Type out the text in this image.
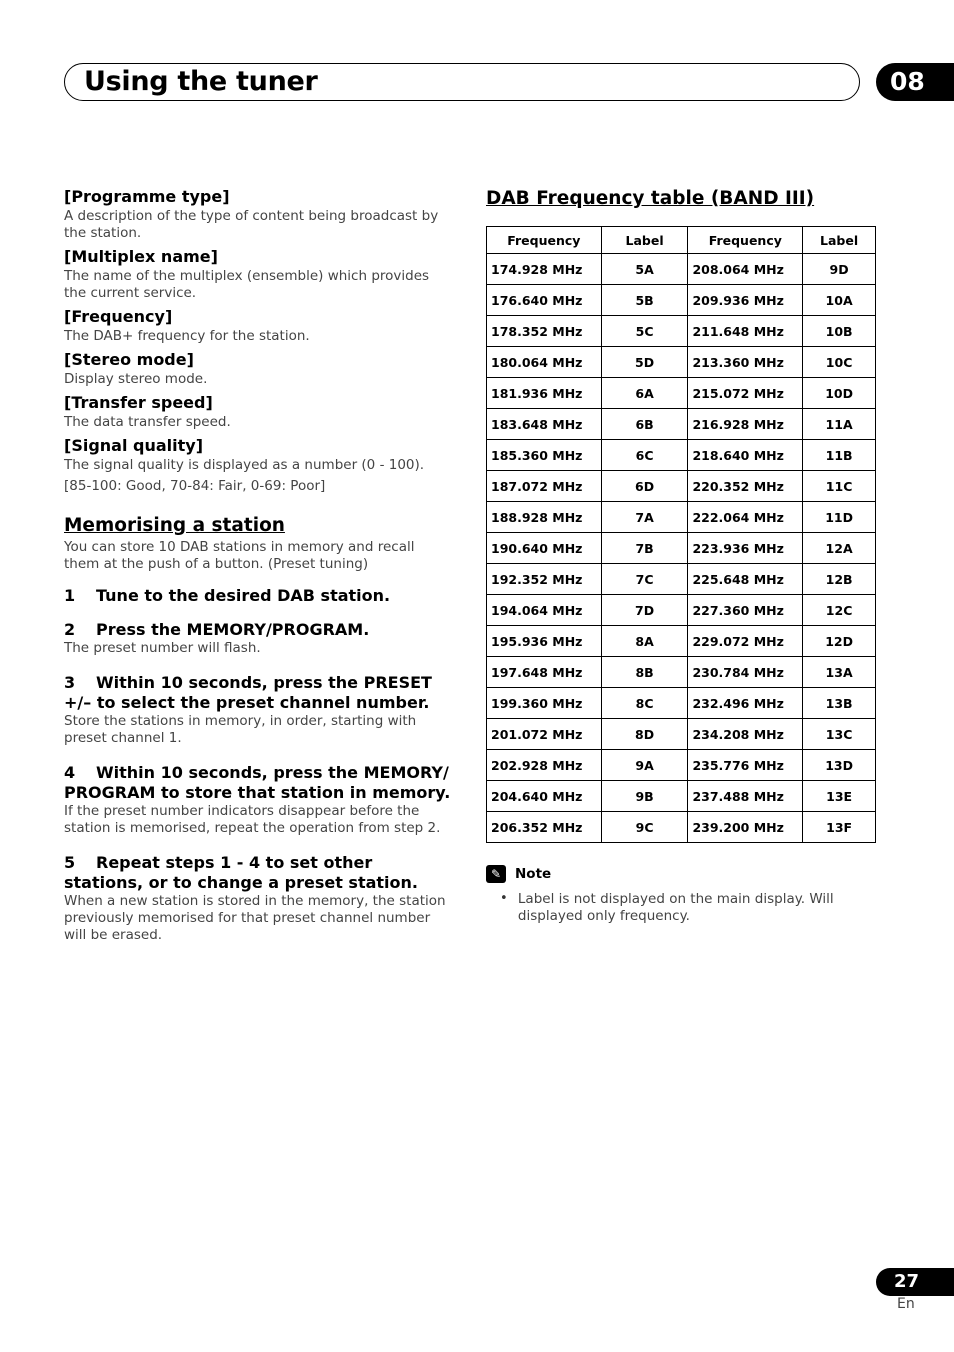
Using the tuner	08

[Programme type]

A description of the type of content being broadcast by the station.

[Multiplex name]

The name of the multiplex (ensemble) which provides the current service.

[Frequency]

The DAB+ frequency for the station.

[Stereo mode]

Display stereo mode.

[Transfer speed]

The data transfer speed.

[Signal quality]

The signal quality is displayed as a number (0 - 100).

[85-100: Good, 70-84: Fair, 0-69: Poor]

Memorising a station

You can store 10 DAB stations in memory and recall them at the push of a button. (Preset tuning)

1 Tune to the desired DAB station.

2 Press the MEMORY/PROGRAM.

The preset number will flash.

3 Within 10 seconds, press the PRESET +/– to select the preset channel number.

Store the stations in memory, in order, starting with preset channel 1.

4 Within 10 seconds, press the MEMORY/ PROGRAM to store that station in memory.

If the preset number indicators disappear before the station is memorised, repeat the operation from step 2.

5 Repeat steps 1 - 4 to set other stations, or to change a preset station.

When a new station is stored in the memory, the station previously memorised for that preset channel number will be erased.

DAB Frequency table (BAND III)
Frequency	Label	Frequency	Label
174.928 MHz	5A	208.064 MHz	9D
176.640 MHz	5B	209.936 MHz	10A
178.352 MHz	5C	211.648 MHz	10B
180.064 MHz	5D	213.360 MHz	10C
181.936 MHz	6A	215.072 MHz	10D
183.648 MHz	6B	216.928 MHz	11A
185.360 MHz	6C	218.640 MHz	11B
187.072 MHz	6D	220.352 MHz	11C
188.928 MHz	7A	222.064 MHz	11D
190.640 MHz	7B	223.936 MHz	12A
192.352 MHz	7C	225.648 MHz	12B
194.064 MHz	7D	227.360 MHz	12C
195.936 MHz	8A	229.072 MHz	12D
197.648 MHz	8B	230.784 MHz	13A
199.360 MHz	8C	232.496 MHz	13B
201.072 MHz	8D	234.208 MHz	13C
202.928 MHz	9A	235.776 MHz	13D
204.640 MHz	9B	237.488 MHz	13E
206.352 MHz	9C	239.200 MHz	13F
✎	Note
• Label is not displayed on the main display. Will displayed only frequency.
27
En
